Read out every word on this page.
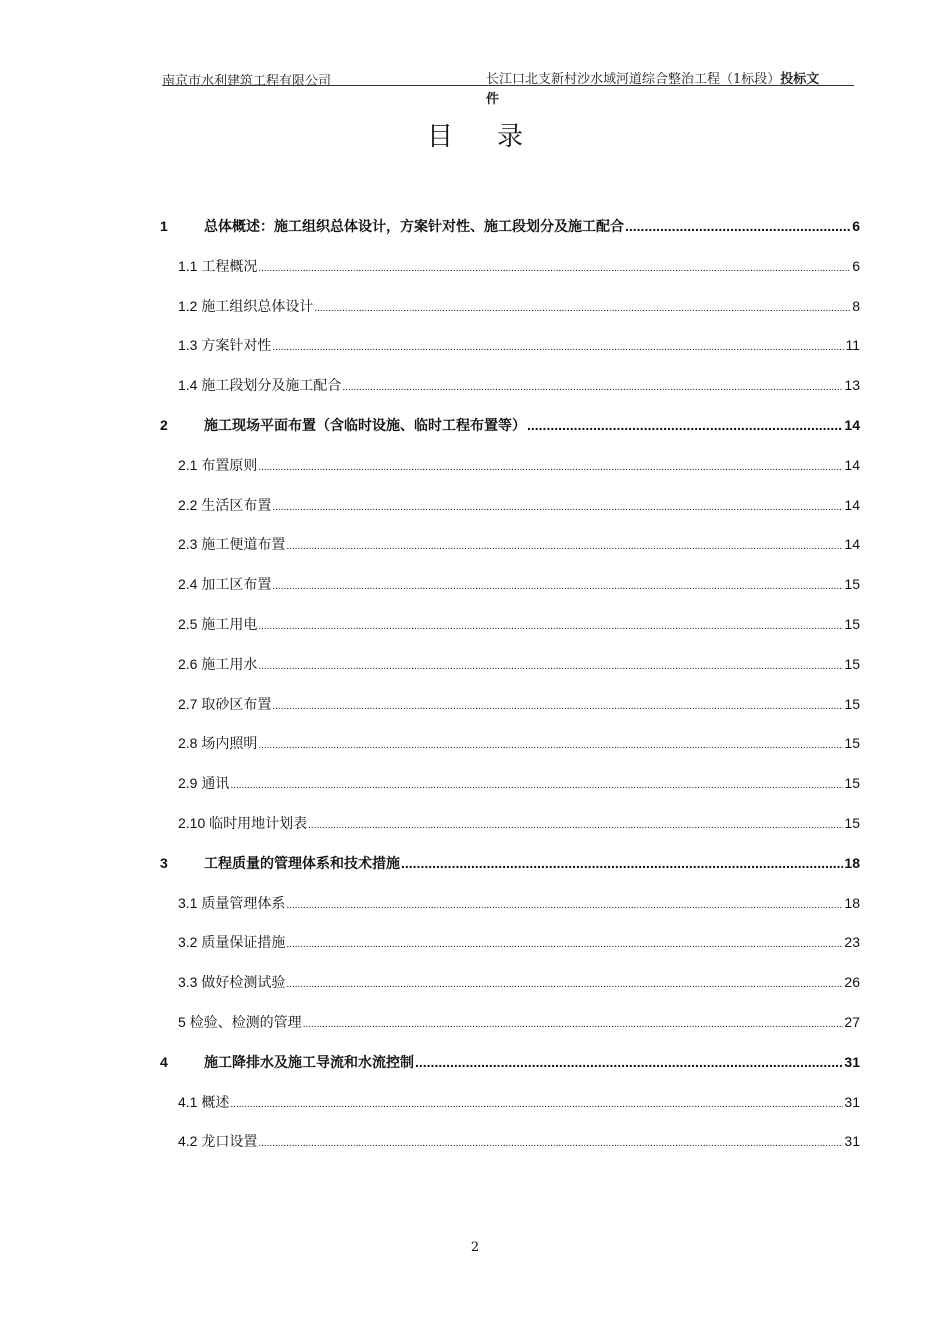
南京市水利建筑工程有限公司	长江口北支新村沙水域河道综合整治工程（1标段）投标文
件
目 录
1	总体概述：施工组织总体设计，方案针对性、施工段划分及施工配合 .....	6
1.1 工程概况 .....	6
1.2 施工组织总体设计 .....	8
1.3 方案针对性 .....	11
1.4 施工段划分及施工配合 .....	13
2	施工现场平面布置（含临时设施、临时工程布置等） .....	14
2.1 布置原则 .....	14
2.2 生活区布置 .....	14
2.3 施工便道布置 .....	14
2.4 加工区布置 .....	15
2.5 施工用电 .....	15
2.6 施工用水 .....	15
2.7 取砂区布置 .....	15
2.8 场内照明 .....	15
2.9 通讯 .....	15
2.10 临时用地计划表 .....	15
3	工程质量的管理体系和技术措施 .....	18
3.1 质量管理体系 .....	18
3.2 质量保证措施 .....	23
3.3 做好检测试验 .....	26
5 检验、检测的管理 .....	27
4	施工降排水及施工导流和水流控制 .....	31
4.1 概述 .....	31
4.2 龙口设置 .....	31
2
